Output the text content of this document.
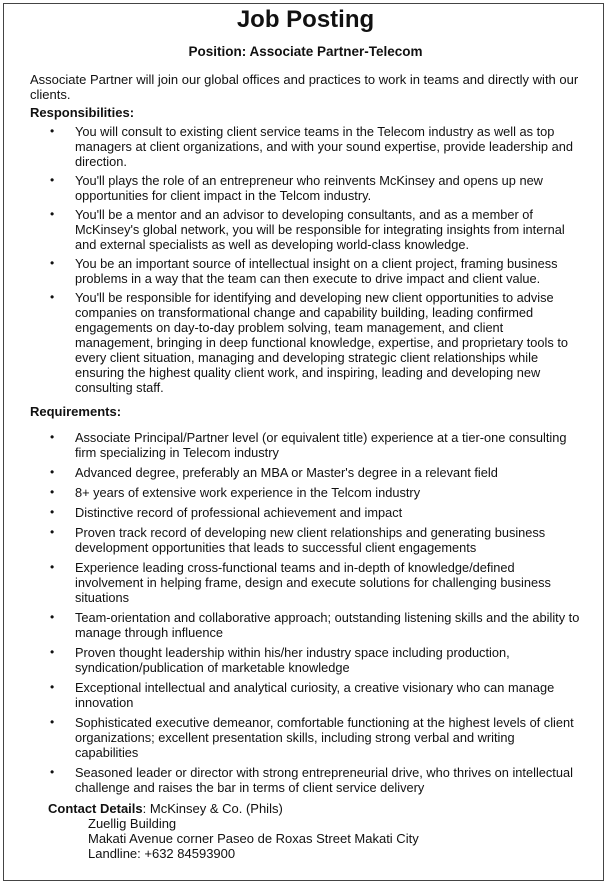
Job Posting
Position: Associate Partner-Telecom
Associate Partner will join our global offices and practices to work in teams and directly with our clients.
Responsibilities:
•	You will consult to existing client service teams in the Telecom industry as well as top managers at client organizations, and with your sound expertise, provide leadership and direction.
•	You'll plays the role of an entrepreneur who reinvents McKinsey and opens up new opportunities for client impact in the Telcom industry.
•	You'll be a mentor and an advisor to developing consultants, and as a member of McKinsey's global network, you will be responsible for integrating insights from internal and external specialists as well as developing world-class knowledge.
•	You be an important source of intellectual insight on a client project, framing business problems in a way that the team can then execute to drive impact and client value.
•	You'll be responsible for identifying and developing new client opportunities to advise companies on transformational change and capability building, leading confirmed engagements on day-to-day problem solving, team management, and client management, bringing in deep functional knowledge, expertise, and proprietary tools to every client situation, managing and developing strategic client relationships while ensuring the highest quality client work, and inspiring, leading and developing new consulting staff.
Requirements:
•	Associate Principal/Partner level (or equivalent title) experience at a tier-one consulting firm specializing in Telecom industry
•	Advanced degree, preferably an MBA or Master's degree in a relevant field
•	8+ years of extensive work experience in the Telcom industry
•	Distinctive record of professional achievement and impact
•	Proven track record of developing new client relationships and generating business development opportunities that leads to successful client engagements
•	Experience leading cross-functional teams and in-depth of knowledge/defined involvement in helping frame, design and execute solutions for challenging business situations
•	Team-orientation and collaborative approach; outstanding listening skills and the ability to manage through influence
•	Proven thought leadership within his/her industry space including production, syndication/publication of marketable knowledge
•	Exceptional intellectual and analytical curiosity, a creative visionary who can manage innovation
•	Sophisticated executive demeanor, comfortable functioning at the highest levels of client organizations; excellent presentation skills, including strong verbal and writing capabilities
•	Seasoned leader or director with strong entrepreneurial drive, who thrives on intellectual challenge and raises the bar in terms of client service delivery
Contact Details: McKinsey & Co. (Phils)
Zuellig Building
Makati Avenue corner Paseo de Roxas Street Makati City
Landline: +632 84593900
